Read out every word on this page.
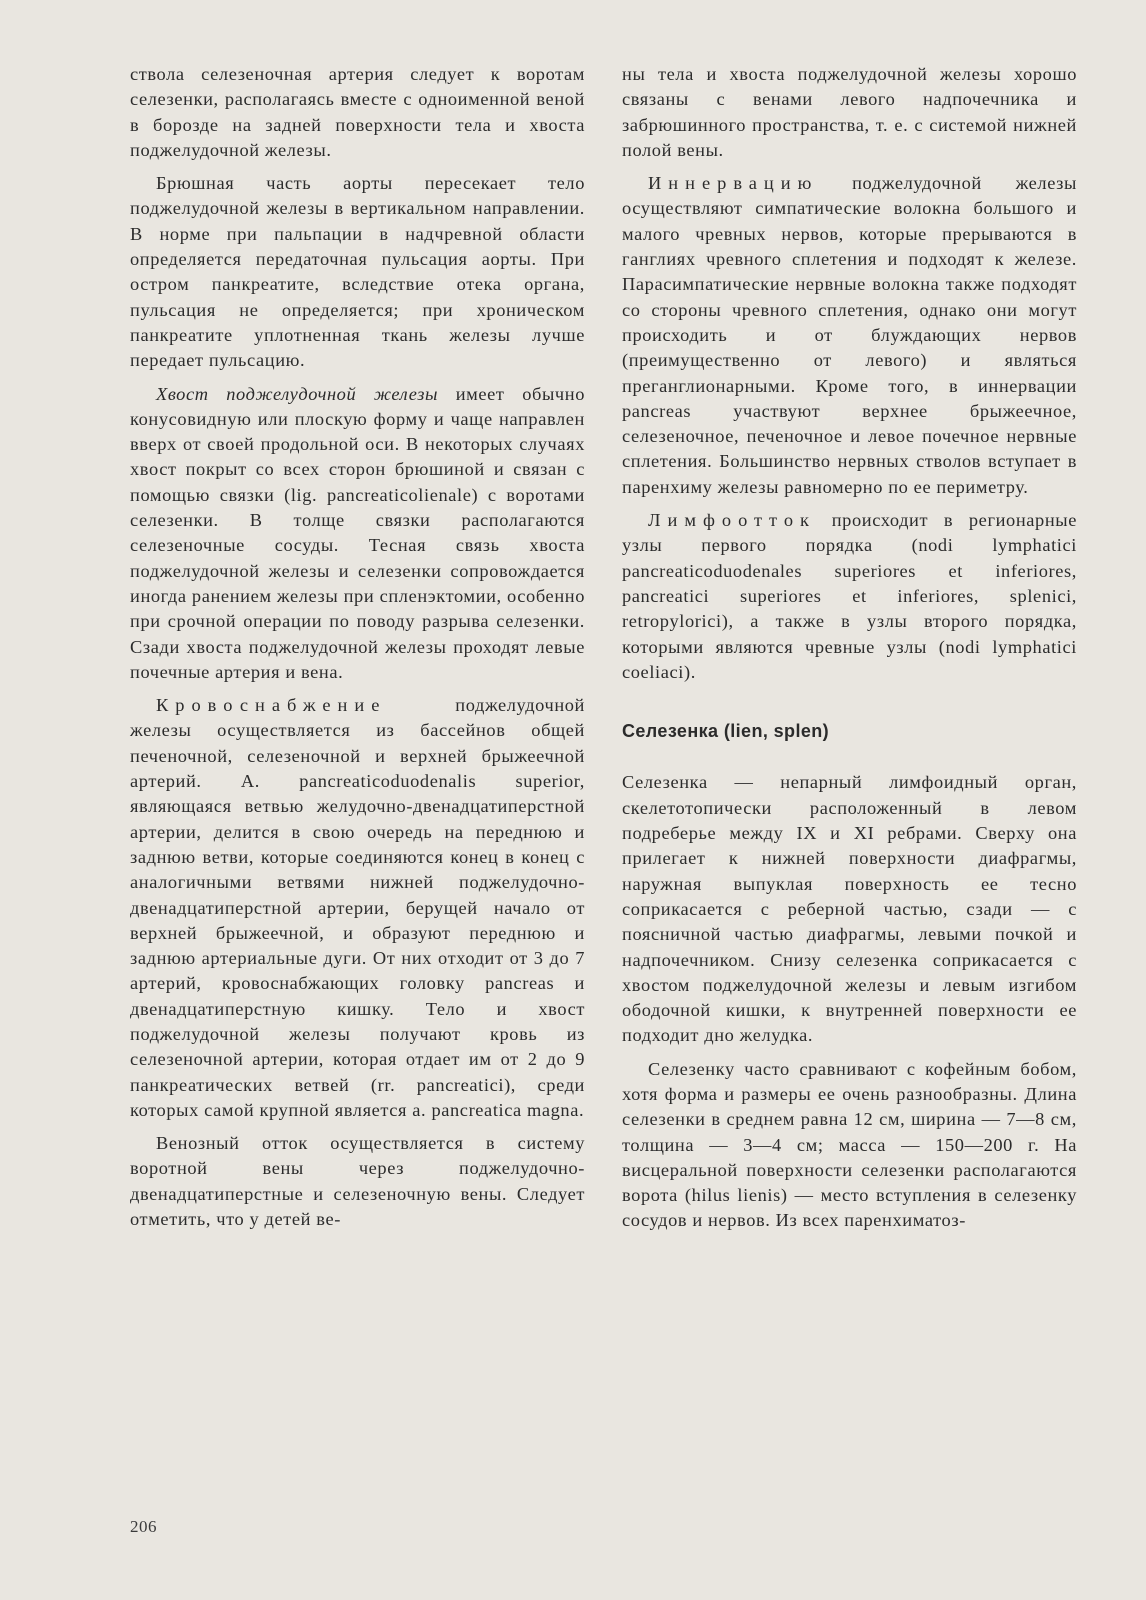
ствола селезеночная артерия следует к воротам селезенки, располагаясь вместе с одноименной веной в борозде на задней поверхности тела и хвоста поджелудочной железы.

Брюшная часть аорты пересекает тело поджелудочной железы в вертикальном направлении. В норме при пальпации в надчревной области определяется передаточная пульсация аорты. При остром панкреатите, вследствие отека органа, пульсация не определяется; при хроническом панкреатите уплотненная ткань железы лучше передает пульсацию.

Хвост поджелудочной железы имеет обычно конусовидную или плоскую форму и чаще направлен вверх от своей продольной оси. В некоторых случаях хвост покрыт со всех сторон брюшиной и связан с помощью связки (lig. pancreaticolienale) с воротами селезенки. В толще связки располагаются селезеночные сосуды. Тесная связь хвоста поджелудочной железы и селезенки сопровождается иногда ранением железы при спленэктомии, особенно при срочной операции по поводу разрыва селезенки. Сзади хвоста поджелудочной железы проходят левые почечные артерия и вена.

Кровоснабжение поджелудочной железы осуществляется из бассейнов общей печеночной, селезеночной и верхней брыжеечной артерий. A. pancreaticoduodenalis superior, являющаяся ветвью желудочно-двенадцатиперстной артерии, делится в свою очередь на переднюю и заднюю ветви, которые соединяются конец в конец с аналогичными ветвями нижней поджелудочно-двенадцатиперстной артерии, берущей начало от верхней брыжеечной, и образуют переднюю и заднюю артериальные дуги. От них отходит от 3 до 7 артерий, кровоснабжающих головку pancreas и двенадцатиперстную кишку. Тело и хвост поджелудочной железы получают кровь из селезеночной артерии, которая отдает им от 2 до 9 панкреатических ветвей (rr. pancreatici), среди которых самой крупной является a. pancreatica magna.

Венозный отток осуществляется в систему воротной вены через поджелудочно-двенадцатиперстные и селезеночную вены. Следует отметить, что у детей ве-

ны тела и хвоста поджелудочной железы хорошо связаны с венами левого надпочечника и забрюшинного пространства, т. е. с системой нижней полой вены.

Иннервацию поджелудочной железы осуществляют симпатические волокна большого и малого чревных нервов, которые прерываются в ганглиях чревного сплетения и подходят к железе. Парасимпатические нервные волокна также подходят со стороны чревного сплетения, однако они могут происходить и от блуждающих нервов (преимущественно от левого) и являться преганглионарными. Кроме того, в иннервации pancreas участвуют верхнее брыжеечное, селезеночное, печеночное и левое почечное нервные сплетения. Большинство нервных стволов вступает в паренхиму железы равномерно по ее периметру.

Лимфоотток происходит в регионарные узлы первого порядка (nodi lymphatici pancreaticoduodenales superiores et inferiores, pancreatici superiores et inferiores, splenici, retropylorici), а также в узлы второго порядка, которыми являются чревные узлы (nodi lymphatici coeliaci).

Селезенка (lien, splen)

Селезенка — непарный лимфоидный орган, скелетотопически расположенный в левом подреберье между IX и XI ребрами. Сверху она прилегает к нижней поверхности диафрагмы, наружная выпуклая поверхность ее тесно соприкасается с реберной частью, сзади — с поясничной частью диафрагмы, левыми почкой и надпочечником. Снизу селезенка соприкасается с хвостом поджелудочной железы и левым изгибом ободочной кишки, к внутренней поверхности ее подходит дно желудка.

Селезенку часто сравнивают с кофейным бобом, хотя форма и размеры ее очень разнообразны. Длина селезенки в среднем равна 12 см, ширина — 7—8 см, толщина — 3—4 см; масса — 150—200 г. На висцеральной поверхности селезенки располагаются ворота (hilus lienis) — место вступления в селезенку сосудов и нервов. Из всех паренхиматоз-

206
